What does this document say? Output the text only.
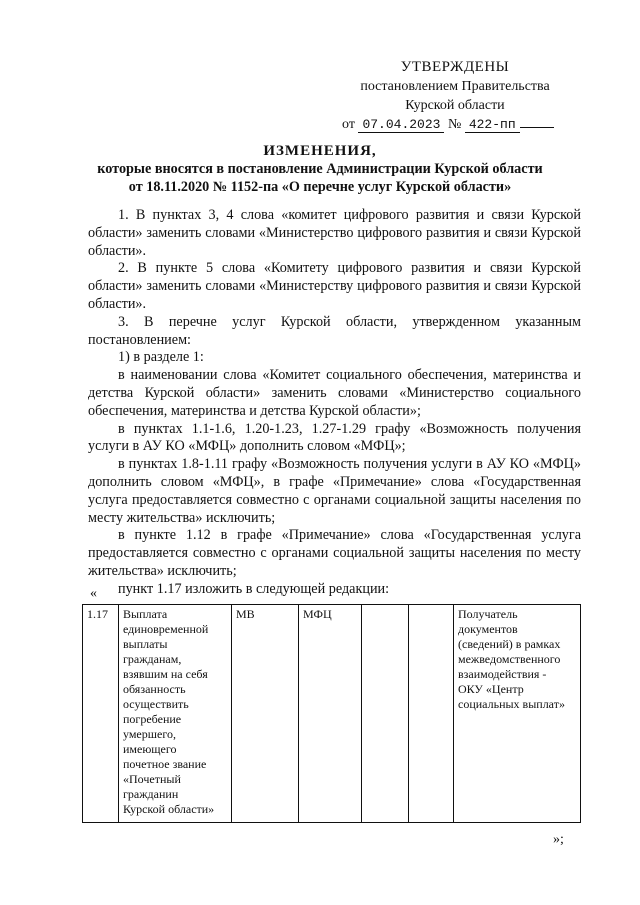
УТВЕРЖДЕНЫ
постановлением Правительства
Курской области
от 07.04.2023 № 422-пп
ИЗМЕНЕНИЯ,
которые вносятся в постановление Администрации Курской области
от 18.11.2020 № 1152-па «О перечне услуг Курской области»

1. В пунктах 3, 4 слова «комитет цифрового развития и связи Курской области» заменить словами «Министерство цифрового развития и связи Курской области».

2. В пункте 5 слова «Комитету цифрового развития и связи Курской области» заменить словами «Министерству цифрового развития и связи Курской области».

3. В перечне услуг Курской области, утвержденном указанным постановлением:

1) в разделе 1:

в наименовании слова «Комитет социального обеспечения, материнства и детства Курской области» заменить словами «Министерство социального обеспечения, материнства и детства Курской области»;

в пунктах 1.1-1.6, 1.20-1.23, 1.27-1.29 графу «Возможность получения услуги в АУ КО «МФЦ» дополнить словом «МФЦ»;

в пунктах 1.8-1.11 графу «Возможность получения услуги в АУ КО «МФЦ» дополнить словом «МФЦ», в графе «Примечание» слова «Государственная услуга предоставляется совместно с органами социальной защиты населения по месту жительства» исключить;

в пункте 1.12 в графе «Примечание» слова «Государственная услуга предоставляется совместно с органами социальной защиты населения по месту жительства» исключить;

пункт 1.17 изложить в следующей редакции:

«
1.17	Выплата
единовременной
выплаты
гражданам,
взявшим на себя
обязанность
осуществить
погребение
умершего,
имеющего
почетное звание
«Почетный
гражданин
Курской области»
	МВ	МФЦ			Получатель
документов
(сведений) в рамках
межведомственного
взаимодействия -
ОКУ «Центр
социальных выплат»
»;
